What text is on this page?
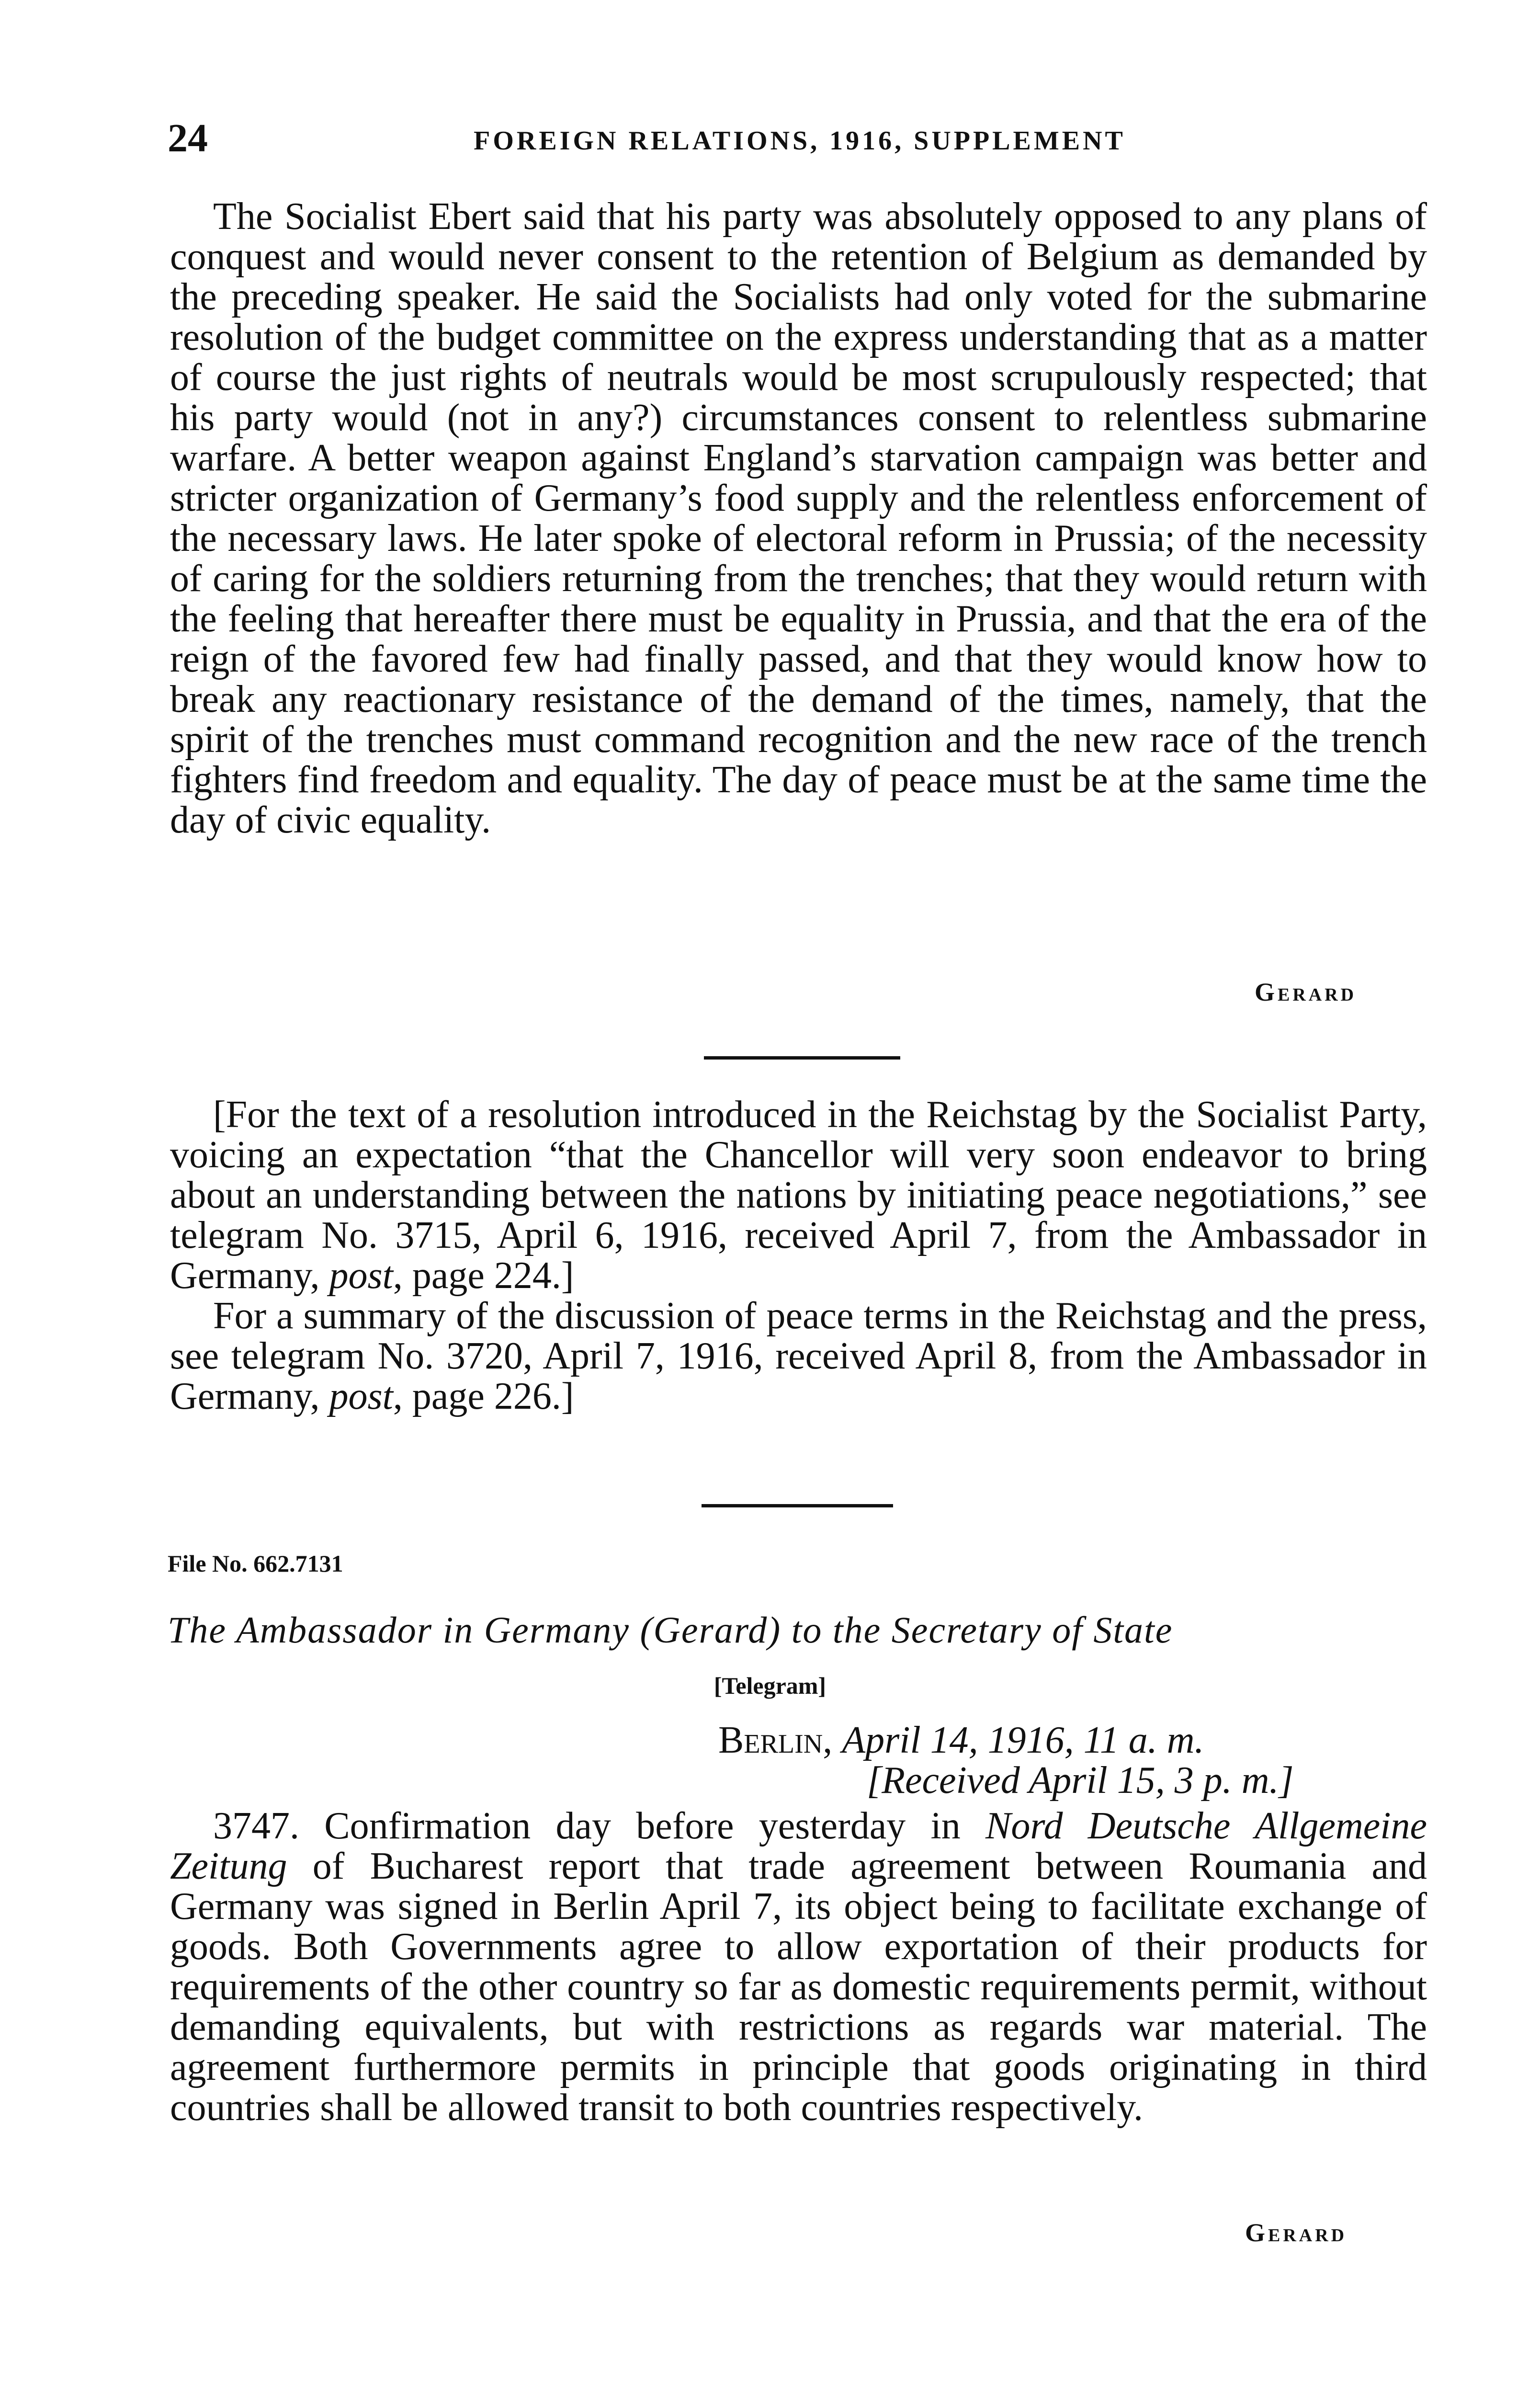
24	FOREIGN RELATIONS, 1916, SUPPLEMENT

The Socialist Ebert said that his party was absolutely opposed to any plans of conquest and would never consent to the retention of Belgium as demanded by the preceding speaker. He said the Socialists had only voted for the submarine resolution of the budget committee on the express understanding that as a matter of course the just rights of neutrals would be most scrupulously respected; that his party would (not in any?) circumstances consent to relentless submarine warfare. A better weapon against England’s starvation campaign was better and stricter organization of Germany’s food supply and the relentless enforcement of the necessary laws. He later spoke of electoral reform in Prussia; of the necessity of caring for the soldiers returning from the trenches; that they would return with the feeling that hereafter there must be equality in Prussia, and that the era of the reign of the favored few had finally passed, and that they would know how to break any reactionary resistance of the demand of the times, namely, that the spirit of the trenches must command recognition and the new race of the trench fighters find freedom and equality. The day of peace must be at the same time the day of civic equality.

Gerard

[For the text of a resolution introduced in the Reichstag by the Socialist Party, voicing an expectation “that the Chancellor will very soon endeavor to bring about an understanding between the nations by initiating peace negotiations,” see telegram No. 3715, April 6, 1916, received April 7, from the Ambassador in Germany, post, page 224.]

For a summary of the discussion of peace terms in the Reichstag and the press, see telegram No. 3720, April 7, 1916, received April 8, from the Ambassador in Germany, post, page 226.]

File No. 662.7131
The Ambassador in Germany (Gerard) to the Secretary of State
[Telegram]
Berlin, April 14, 1916, 11 a. m.
[Received April 15, 3 p. m.]

3747. Confirmation day before yesterday in Nord Deutsche Allgemeine Zeitung of Bucharest report that trade agreement between Roumania and Germany was signed in Berlin April 7, its object being to facilitate exchange of goods. Both Governments agree to allow exportation of their products for requirements of the other country so far as domestic requirements permit, without demanding equivalents, but with restrictions as regards war material. The agreement furthermore permits in principle that goods originating in third countries shall be allowed transit to both countries respectively.

Gerard
